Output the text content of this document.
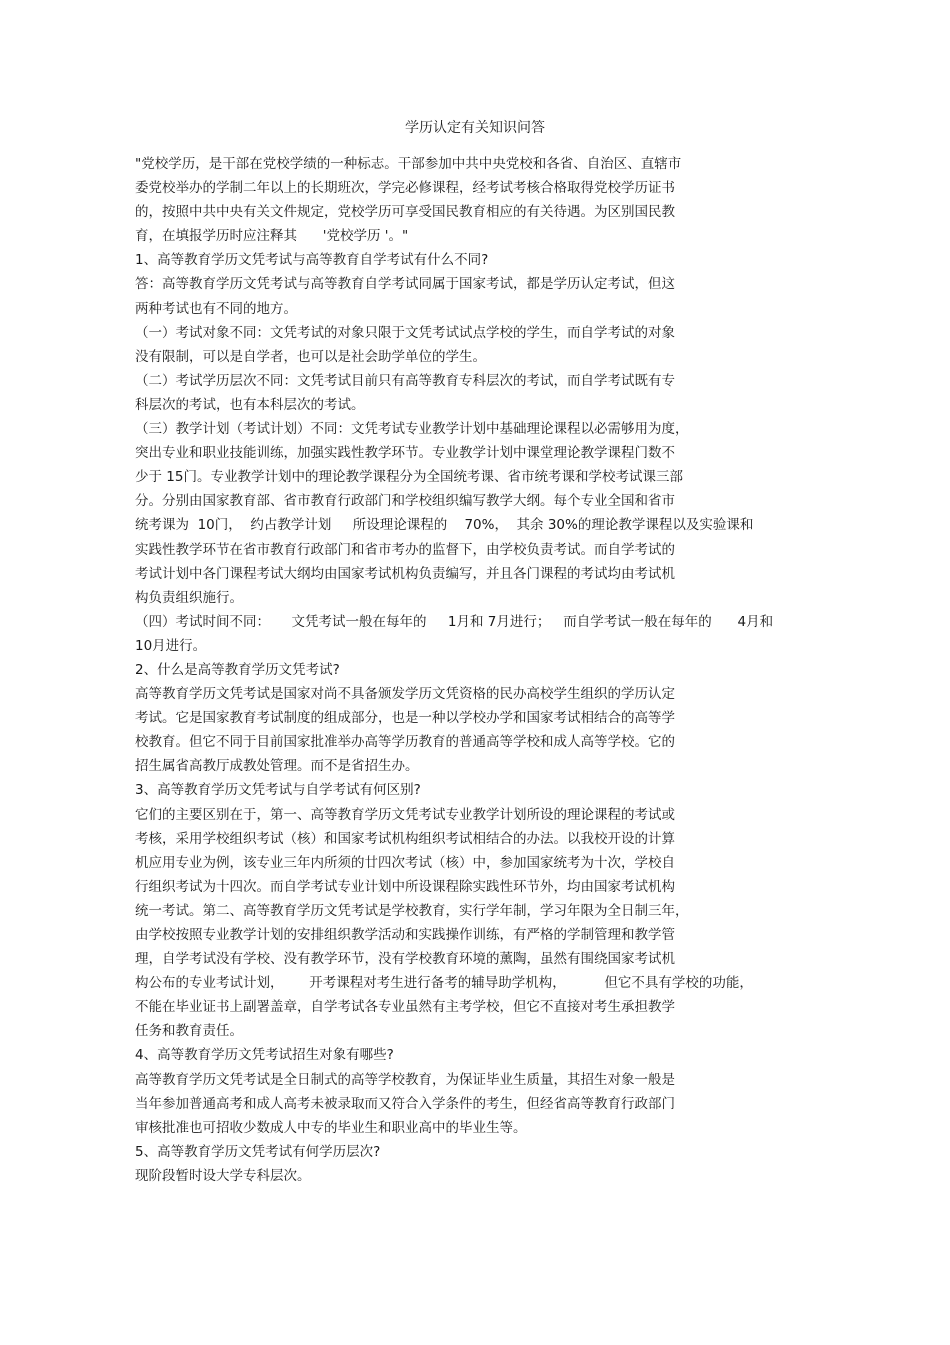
学历认定有关知识问答

"党校学历，是干部在党校学绩的一种标志。干部参加中共中央党校和各省、自治区、直辖市

委党校举办的学制二年以上的长期班次，学完必修课程，经考试考核合格取得党校学历证书

的，按照中共中央有关文件规定，党校学历可享受国民教育相应的有关待遇。为区别国民教

育，在填报学历时应注释其      '党校学历 '。"

1、高等教育学历文凭考试与高等教育自学考试有什么不同?

答：高等教育学历文凭考试与高等教育自学考试同属于国家考试，都是学历认定考试，但这

两种考试也有不同的地方。

（一）考试对象不同：文凭考试的对象只限于文凭考试试点学校的学生，而自学考试的对象

没有限制，可以是自学者，也可以是社会助学单位的学生。

（二）考试学历层次不同：文凭考试目前只有高等教育专科层次的考试，而自学考试既有专

科层次的考试，也有本科层次的考试。

（三）教学计划（考试计划）不同：文凭考试专业教学计划中基础理论课程以必需够用为度，

突出专业和职业技能训练，加强实践性教学环节。专业教学计划中课堂理论教学课程门数不

少于 15门。专业教学计划中的理论教学课程分为全国统考课、省市统考课和学校考试课三部

分。分别由国家教育部、省市教育行政部门和学校组织编写教学大纲。每个专业全国和省市

统考课为  10门，  约占教学计划     所设理论课程的    70%，  其余 30%的理论教学课程以及实验课和

实践性教学环节在省市教育行政部门和省市考办的监督下，由学校负责考试。而自学考试的

考试计划中各门课程考试大纲均由国家考试机构负责编写，并且各门课程的考试均由考试机

构负责组织施行。

（四）考试时间不同：     文凭考试一般在每年的     1月和 7月进行；   而自学考试一般在每年的      4月和

10月进行。

2、什么是高等教育学历文凭考试?

高等教育学历文凭考试是国家对尚不具备颁发学历文凭资格的民办高校学生组织的学历认定

考试。它是国家教育考试制度的组成部分，也是一种以学校办学和国家考试相结合的高等学

校教育。但它不同于目前国家批准举办高等学历教育的普通高等学校和成人高等学校。它的

招生属省高教厅成教处管理。而不是省招生办。

3、高等教育学历文凭考试与自学考试有何区别?

它们的主要区别在于，第一、高等教育学历文凭考试专业教学计划所设的理论课程的考试或

考核，采用学校组织考试（核）和国家考试机构组织考试相结合的办法。以我校开设的计算

机应用专业为例，该专业三年内所须的廿四次考试（核）中，参加国家统考为十次，学校自

行组织考试为十四次。而自学考试专业计划中所设课程除实践性环节外，均由国家考试机构

统一考试。第二、高等教育学历文凭考试是学校教育，实行学年制，学习年限为全日制三年，

由学校按照专业教学计划的安排组织教学活动和实践操作训练，有严格的学制管理和教学管

理，自学考试没有学校、没有教学环节，没有学校教育环境的薰陶，虽然有围绕国家考试机

构公布的专业考试计划，      开考课程对考生进行备考的辅导助学机构，         但它不具有学校的功能，

不能在毕业证书上副署盖章，自学考试各专业虽然有主考学校，但它不直接对考生承担教学

任务和教育责任。

4、高等教育学历文凭考试招生对象有哪些?

高等教育学历文凭考试是全日制式的高等学校教育，为保证毕业生质量，其招生对象一般是

当年参加普通高考和成人高考未被录取而又符合入学条件的考生，但经省高等教育行政部门

审核批准也可招收少数成人中专的毕业生和职业高中的毕业生等。

5、高等教育学历文凭考试有何学历层次?

现阶段暂时设大学专科层次。
